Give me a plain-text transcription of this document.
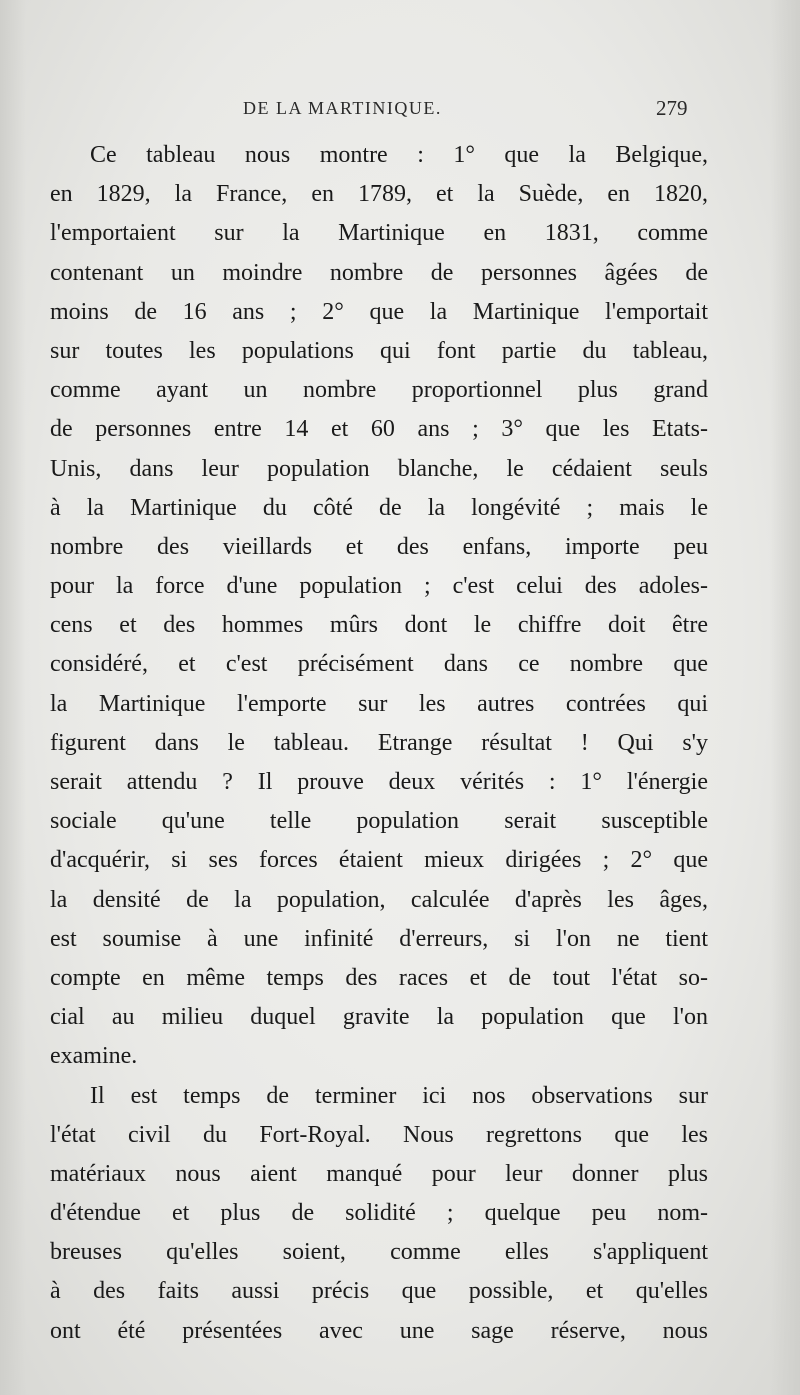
DE LA MARTINIQUE.	279
Ce tableau nous montre : 1° que la Belgique,
en 1829, la France, en 1789, et la Suède, en 1820,
l'emportaient sur la Martinique en 1831, comme
contenant un moindre nombre de personnes âgées de
moins de 16 ans ; 2° que la Martinique l'emportait
sur toutes les populations qui font partie du tableau,
comme ayant un nombre proportionnel plus grand
de personnes entre 14 et 60 ans ; 3° que les Etats-
Unis, dans leur population blanche, le cédaient seuls
à la Martinique du côté de la longévité ; mais le
nombre des vieillards et des enfans, importe peu
pour la force d'une population ; c'est celui des adoles-
cens et des hommes mûrs dont le chiffre doit être
considéré, et c'est précisément dans ce nombre que
la Martinique l'emporte sur les autres contrées qui
figurent dans le tableau. Etrange résultat ! Qui s'y
serait attendu ? Il prouve deux vérités : 1° l'énergie
sociale qu'une telle population serait susceptible
d'acquérir, si ses forces étaient mieux dirigées ; 2° que
la densité de la population, calculée d'après les âges,
est soumise à une infinité d'erreurs, si l'on ne tient
compte en même temps des races et de tout l'état so-
cial au milieu duquel gravite la population que l'on
examine.
Il est temps de terminer ici nos observations sur
l'état civil du Fort-Royal. Nous regrettons que les
matériaux nous aient manqué pour leur donner plus
d'étendue et plus de solidité ; quelque peu nom-
breuses qu'elles soient, comme elles s'appliquent
à des faits aussi précis que possible, et qu'elles
ont été présentées avec une sage réserve, nous
